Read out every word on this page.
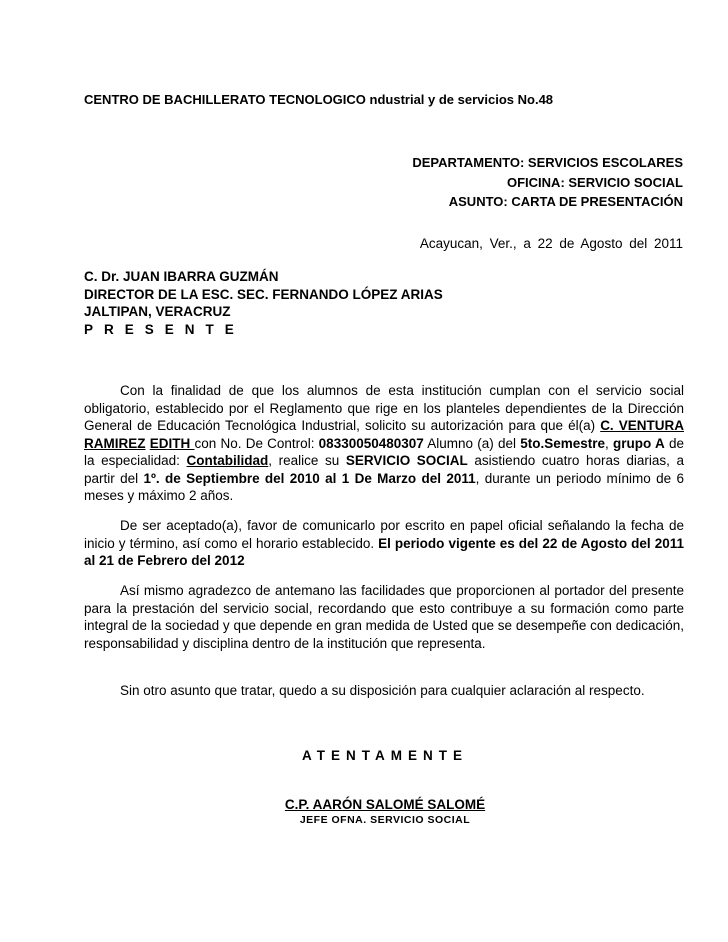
CENTRO DE BACHILLERATO TECNOLOGICO ndustrial y de servicios No.48
DEPARTAMENTO: SERVICIOS ESCOLARES
OFICINA: SERVICIO SOCIAL
ASUNTO: CARTA DE PRESENTACIÓN
Acayucan, Ver., a 22 de Agosto del 2011
C. Dr. JUAN IBARRA GUZMÁN
DIRECTOR DE LA ESC. SEC. FERNANDO LÓPEZ ARIAS
JALTIPAN, VERACRUZ
PRESENTE
Con la finalidad de que los alumnos de esta institución cumplan con el servicio social obligatorio, establecido por el Reglamento que rige en los planteles dependientes de la Dirección General de Educación Tecnológica Industrial, solicito su autorización para que él(a) C. VENTURA RAMIREZ EDITH con No. De Control: 08330050480307 Alumno (a) del 5to.Semestre, grupo A de la especialidad: Contabilidad, realice su SERVICIO SOCIAL asistiendo cuatro horas diarias, a partir del 1º. de Septiembre del 2010 al 1 De Marzo del 2011, durante un periodo mínimo de 6 meses y máximo 2 años.
De ser aceptado(a), favor de comunicarlo por escrito en papel oficial señalando la fecha de inicio y término, así como el horario establecido. El periodo vigente es del 22 de Agosto del 2011 al 21 de Febrero del 2012
Así mismo agradezco de antemano las facilidades que proporcionen al portador del presente para la prestación del servicio social, recordando que esto contribuye a su formación como parte integral de la sociedad y que depende en gran medida de Usted que se desempeñe con dedicación, responsabilidad y disciplina dentro de la institución que representa.
Sin otro asunto que tratar, quedo a su disposición para cualquier aclaración al respecto.
ATENTAMENTE
C.P. AARÓN SALOMÉ SALOMÉ
JEFE OFNA. SERVICIO SOCIAL
